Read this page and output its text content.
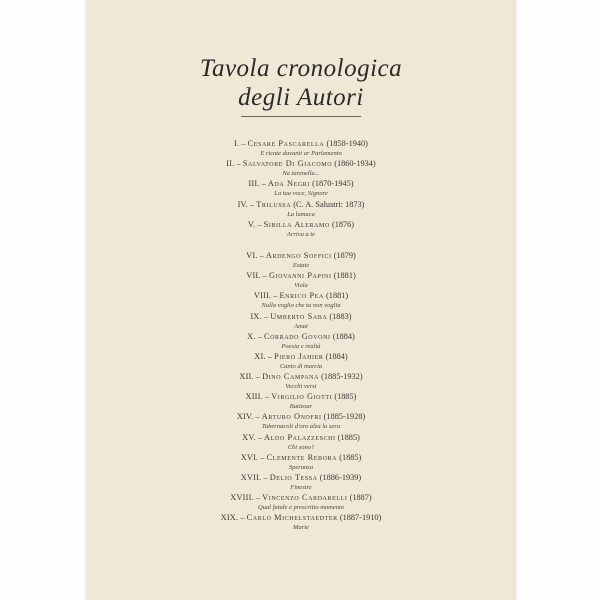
Tavola cronologica
degli Autori
I. – Cesare Pascarella (1858-1940)
E ricate davanti ar Parlamento
II. – Salvatore Di Giacomo (1860-1934)
Na tarenella...
III. – Ada Negri (1870-1945)
La tua voce, Signore
IV. – Trilussa (C. A. Salustri: 1873)
La lumaca
V. – Sibilla Aleramo (1876)
Arriva a te
VI. – Ardengo Soffici (1879)
Estate
VII. – Giovanni Papini (1881)
Viola
VIII. – Enrico Pea (1881)
Nulla voglio che tu non voglia
IX. – Umberto Saba (1883)
Amai
X. – Corrado Govoni (1884)
Poesia e realtà
XI. – Piero Jahier (1884)
Canto di marcia
XII. – Dino Campana (1885-1932)
Vecchi versi
XIII. – Virgilio Giotti (1885)
Batizoar
XIV. – Arturo Onofri (1885-1928)
Tabernacoli d'oro alza la sera
XV. – Aldo Palazzeschi (1885)
Chi sono?
XVI. – Clemente Rebora (1885)
Speranza
XVII. – Delio Tessa (1886-1939)
Finestre
XVIII. – Vincenzo Cardarelli (1887)
Qual fatale e prescritto momento
XIX. – Carlo Michelstaedter (1887-1910)
Marie
